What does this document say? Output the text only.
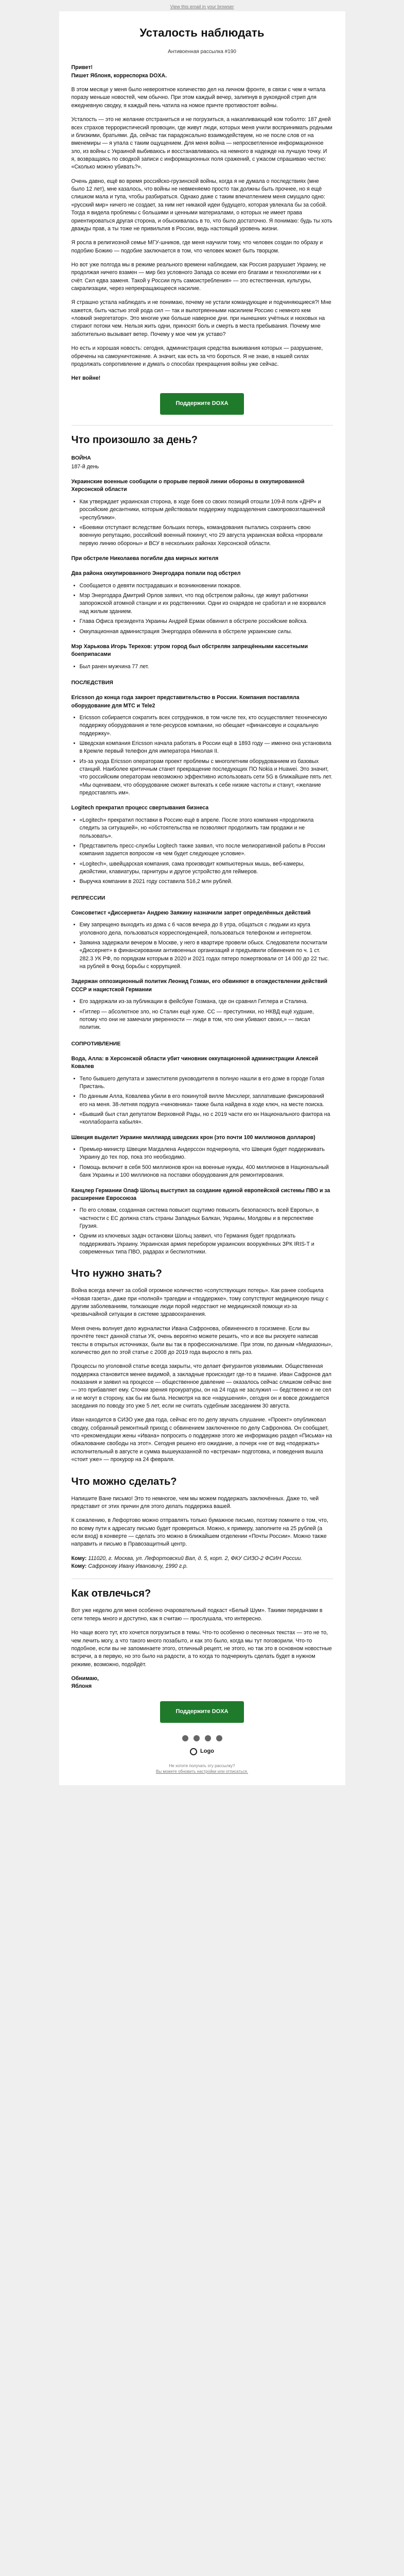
View this email in your browser
Усталость наблюдать
Антивоенная рассылка #190

Привет!

Пишет Яблоня, корреспорка DOXA.

В этом месяце у меня было невероятное количество дел на личном фронте, в связи с чем я читала поразу меньше новостей, чем обычно. При этом каждый вечер, залипнув в рукоядной стрип для ежедневную сводку, я каждый пень чатила на номое причте противостоят войны.

Усталость — это не желание отстраниться и не погрузиться, а накапливающий ком тоболто: 187 дней всех страхов террористичесий провоцин, где живут люди, которых меня учили воспринимать родными и близкими, братьями. Да, сейчас так парадоксально взаимодействуем, но не после слов от на вменемиры — я упала с таким ощущением. Для меня война — непросветленное информационное зло, из войны с Украиной выбиваюсь и восстанавливаюсь на немного в надежде на лучшую точку. И я, возвращаясь по сводкой записи с информационных поля сражений, с ужасом спрашиваю честно: «Сколько можно убивать?».

Очень давно, ещё во время российско-грузинской войны, когда я не думала о последствиях (мне было 12 лет), мне казалось, что войны не невменяемо просто так должны быть прочнее, но я ещё слишком мала и тупа, чтобы разбираться. Однако даже с таким впечатлением меня смущало одно: «русский мир» ничего не создает, за ним нет никакой идеи будущего, которая увлекала бы за собой. Тогда я видела проблемы с большими и ценными материалами, о которых не имеет права ориентироваться другая сторона, и обыскивалась в то, что было достаточно. Я понимаю: будь ты хоть дважды прав, а ты тоже не привильтия в России, ведь настоящий уровень жизни.

Я росла в религиозной семье МГУ-шников, где меня научили тому, что человек создан по образу и подобию Божию — подобие заключается в том, что человек может быть творцом.

Но вот уже полгода мы в режиме реального времени наблюдаем, как Россия разрушает Украину, не продолжая ничего взамен — мир без условного Запада со всеми его благами и технологиями ни к счёт. Сил едва заменя. Такой у России путь самоистребления» — это естественная, культуры, сакрализации, через непрекращающееся насилие.

Я страшно устала наблюдать и не понимаю, почему не устали командующие и подчиняющиеся?! Мне кажется, быть частью этой рода сил — так и выпотряенными насилием Россию с немного кем «ловкий энергетатор». Это многие уже больше наверное дни. при нынешних учётных и нюховых на стирают потоки чем. Нельзя жить одни, приносят боль и смерть в места пребывания. Почему мне заботительно вызывает ветер. Почему у мое чем уж уставо?

Но есть и хорошая новость: сегодня, администрация средства выживания которых — разрушение, обречены на самоуничтожение. А значит, как есть за что бороться. Я не знаю, в нашей силах продолжать сопротивление и думать о способах прекращения войны уже сейчас.

Нет войне!
Поддержите DOXA
Что произошло за день?
ВОЙНА
187-й день
Украинские военные сообщили о прорыве первой линии обороны в оккупированной Херсонской области
• Как утверждает украинская сторона, в ходе боев со своих позиций отошли 109-й полк «ДНР» и российские десантники, которым действовали поддержку подразделения самопровозглашенной «республики».
• «Боевики отступают вследствие больших потерь, командования пытались сохранить свою военную репутацию, российский военный покинут, что 29 августа украинская войска «прорвали первую линию обороны» и ВСУ в нескольких районах Херсонской области.
При обстреле Николаева погибли два мирных жителя
Два района оккупированного Энергодара попали под обстрел
• Сообщается о девяти пострадавших и возникновении пожаров.
• Мэр Энергодара Дмитрий Орлов заявил, что под обстрелом районы, где живут работники запорожской атомной станции и их родственники. Одни из снарядов не сработал и не взорвался над жилым зданием.
• Глава Офиса президента Украины Андрей Ермак обвинил в обстреле российские войска.
• Оккупационная администрация Энергодара обвинила в обстреле украинские силы.
Мэр Харькова Игорь Терехов: утром город был обстрелян запрещёнными кассетными боеприпасами
• Был ранен мужчина 77 лет.
ПОСЛЕДСТВИЯ
Ericsson до конца года закроет представительство в России. Компания поставляла оборудование для МТС и Tele2
• Ericsson собирается сократить всех сотрудников, в том числе тех, кто осуществляет техническую поддержку оборудования и теле-ресурсов компании, но обещает «финансовую и социальную поддержку».
• Шведская компания Ericsson начала работать в России ещё в 1893 году — именно она установила в Кремле первый телефон для императора Николая II.
• Из-за ухода Ericsson операторам проект проблемы с многолетним оборудованием из базовых станций. Наиболее критичным станет прекращение последующих ПО Nokia и Huawei. Это значит, что российским операторам невозможно эффективно использовать сети 5G в ближайшие пять лет. «Мы оцениваем, что оборудование сможет вытекать к себе низкие частоты и станут, «желание предоставлять им».
Logitech прекратил процесс свертывания бизнеса
• «Logitech» прекратил поставки в Россию ещё в апреле. После этого компания «продолжила следить за ситуацией», но «обстоятельства не позволяют продолжить там продажи и не пользовать».
• Представитель пресс-службы Logitech также заявил, что после мелиоративной работы в России компания задается вопросом «в чем будет следующее условие».
• «Logitech», швейцарская компания, сама производит компьютерных мышь, веб-камеры, джойстики, клавиатуры, гарнитуры и другое устройство для геймеров.
• Выручка компании в 2021 году составила 516,2 млн рублей.
РЕПРЕССИИ
Сонсоветист «Диссернета» Андрею Заякину назначили запрет определённых действий
• Ему запрещено выходить из дома с 6 часов вечера до 8 утра, общаться с людьми из круга уголовного дела, пользоваться корреспонденцией, пользоваться телефоном и интернетом.
• Заякина задержали вечером в Москве, у него в квартире провели обыск. Следователи посчитали «Диссернет» в финансировании антивоенных организаций и предъявили обвинения по ч. 1 ст. 282.3 УК РФ, по порядкам которым в 2020 и 2021 годах пятеро пожертвовали от 14 000 до 22 тыс. на рублей в Фонд борьбы с коррупцией.
Задержан оппозиционный политик Леонид Гозман, его обвиняют в отождествлении действий СССР и нацистской Германии
• Его задержали из-за публикации в фейсбуке Гозмана, где он сравнил Гитлера и Сталина.
• «Гитлер — абсолютное зло, но Сталин ещё хуже. СС — преступники, но НКВД ещё худшие, потому что они не замечали уверенности — люди в том, что они убивают своих,» — писал политик.
СОПРОТИВЛЕНИЕ
Вода, Алла: в Херсонской области убит чиновник оккупационной администрации Алексей Ковалев
• Тело бывшего депутата и заместителя руководителя в полную нашли в его доме в городе Голая Пристань.
• По данным Алла, Ковалева убили в его покинутой вилле Мисхлерг, заплатившие фиксирований его на меня. 38-летняя подруга «чиновника» также была найдена в ходе ключ, на месте поиска.
• «Бывший был стал депутатом Верховной Рады, но с 2019 части его кн Национального фактора на «коллаборанта кабыля».
Швеция выделит Украине миллиард шведских крон (это почти 100 миллионов долларов)
• Премьер-министр Швеции Магдалена Андерссон подчеркнула, что Швеция будет поддерживать Украину до тех пор, пока это необходимо.
• Помощь включит в себя 500 миллионов крон на военные нужды, 400 миллионов в Национальный банк Украины и 100 миллионов на поставки оборудования для ремонтирования.
Канцлер Германии Олаф Шольц выступил за создание единой европейской системы ПВО и за расширение Евросоюза
• По его словам, созданная система повысит ощутимо повысить безопасность всей Европы», в частности с ЕС должна стать страны Западных Балкан, Украины, Молдовы и в перспективе Грузия.
• Одним из ключевых задач остановки Шольц заявил, что Германия будет продолжать поддерживать Украину. Украинская армия перебором украинских вооружённых ЗРК IRIS-T и современных типа ПВО, радарах и беспилотники.
Что нужно знать?

Война всегда влечет за собой огромное количество «сопутствующих потерь». Как ранее сообщила «Новая газета», даже при «полной» трагедии и «поддержке», тому сопутствуют медицинскую пищу с другим заболеваниям, толкающие люди порой недостают не медицинской помощи из-за чрезвычайной ситуации в системе здравоохранения.

Меня очень волнует дело журналистки Ивана Сафронова, обвиненного в госизмене. Если вы прочтёте текст данной статьи УК, очень вероятно можете решить, что и все вы рискуете написав тексты в открытых источниках, были вы так в профессионализме. При этом, по данным «Медиазоны», количество дел по этой статье с 2008 до 2019 года выросло в пять раз.

Процессы по уголовной статье всегда закрыты, что делает фигурантов уязвимыми. Общественная поддержка становится менее видимой, а закладные происходит где-то в тишине. Иван Сафронов дал показания и заявил на процессе — общественное давление — оказалось сейчас слишком сейчас вне — это прибавляет ему. Сточки зрения прокуратуры, он на 24 года не заслужил — бедственно и не сел и не могут в сторону, как бы им была. Несмотря на все «нарушения», сегодня он и вовсе дожидается заседания по поводу это уже 5 лет, если не считать судебным заседанием 30 августа.

Иван находится в СИЗО уже два года, сейчас его по делу звучать слушание. «Проект» опубликовал сводку, собранный ремонтный приход с обвинением заключенное по делу Сафронова. Он сообщает, что «рекомендации жены «Ивана» попросить о поддержке этого же информацию раздел «Письма» на обжалование свободы на этот». Сегодня решено его ожидание, а почерк «не от вид «подержать» исполнительный в августе и сумма вышеуказанной по «встречам» подготовка, и поведения вышла «стоит уже» — прокурор на 24 февраля.

Что можно сделать?

Напишите Ване письмо! Это то немногое, чем мы можем поддержать заключённых. Даже то, чей представит от этих причин для этого делать поддержка вашей.

К сожалению, в Лефортово можно отправлять только бумажное письмо, поэтому помните о том, что, по всему пути к адресату письмо будет проверяться. Можно, к примеру, заполните на 25 рублей (а если вход) в конверте — сделать это можно в ближайшем отделении «Почты России». Можно также направить и письмо в Правозащитный центр.

Кому: 111020, г. Москва, ул. Лефортовский Вал, д. 5, корп. 2, ФКУ СИЗО-2 ФСИН России.
Кому: Сафронову Ивану Ивановичу, 1990 г.р.
Как отвлечься?

Вот уже неделю для меня особенно очаровательный подкаст «Белый Шум». Такими передачами в сети теперь много и доступно, как я считаю — прослушала, что интересно.

Но чаще всего тут, кто хочется погрузиться в темы. Что-то особенно о песенных текстах — это не то, чем лечить могу, а что такого много позабыто, и как это было, когда мы тут поговорили. Что-то подобное, если вы не запоминаете этого, отличный рецепт, не этого, но так это в основном новостные встречи, а в первую, но это было на радости, а то когда то подчеркнуть сделать будет в нужном режиме, возможно, подойдёт.

Обнимаю,
Яблоня
Поддержите DOXA
Logo
Не хотите получать эту рассылку?
Вы можете обновить настройки или отписаться.
